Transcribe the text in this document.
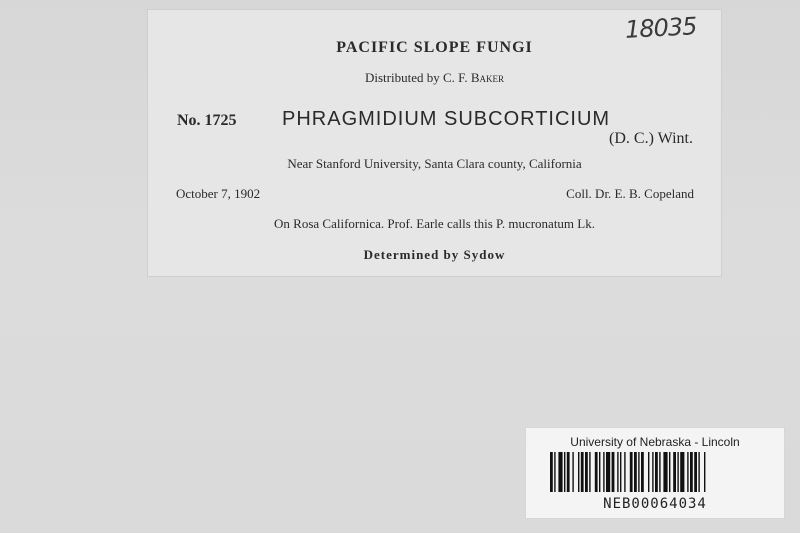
18035
PACIFIC SLOPE FUNGI
Distributed by C. F. Baker
No. 1725 PHRAGMIDIUM SUBCORTICIUM
(D. C.) Wint.
Near Stanford University, Santa Clara county, California
October 7, 1902	Coll. Dr. E. B. Copeland
On Rosa Californica. Prof. Earle calls this P. mucronatum Lk.
Determined by Sydow
University of Nebraska - Lincoln
NEB00064034
